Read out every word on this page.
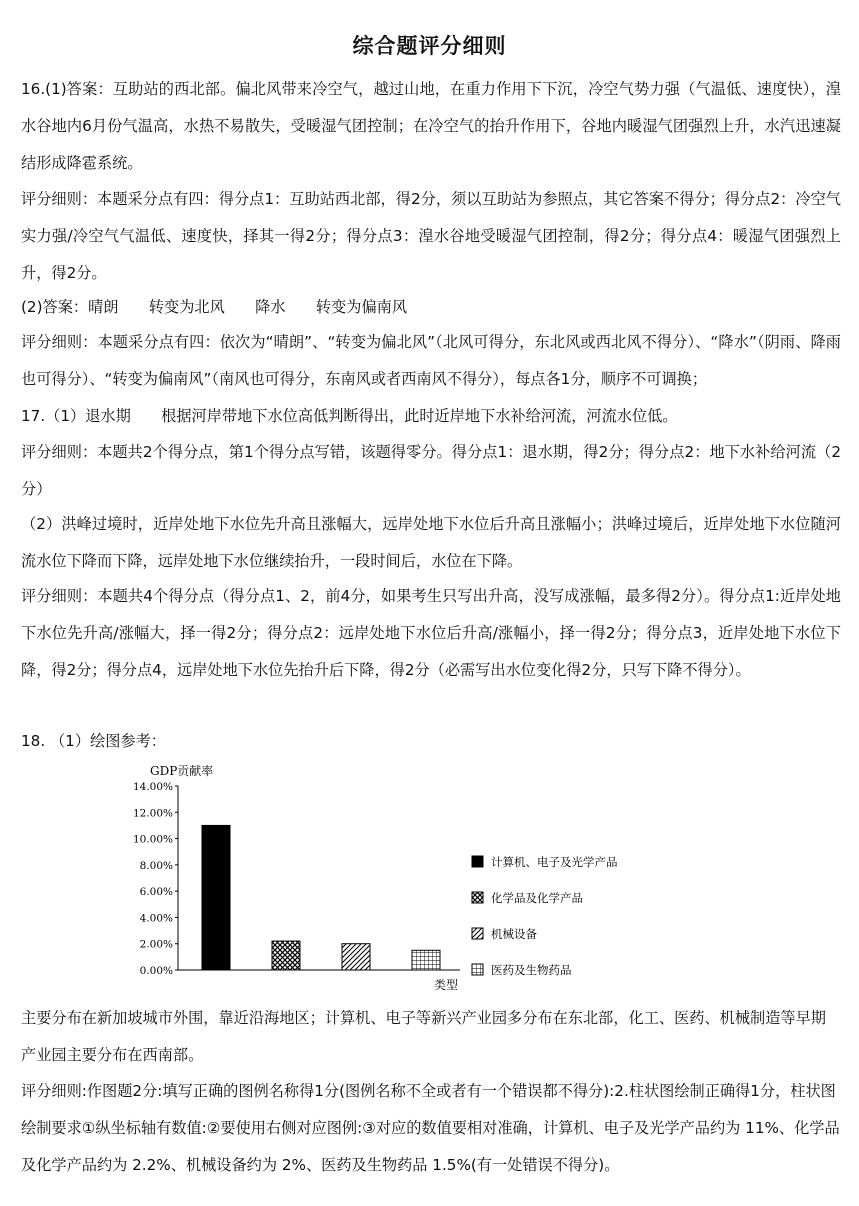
综合题评分细则

16.(1)答案：互助站的西北部。偏北风带来冷空气，越过山地，在重力作用下下沉，冷空气势力强（气温低、速度快），湟水谷地内6月份气温高，水热不易散失，受暖湿气团控制；在冷空气的抬升作用下，谷地内暖湿气团强烈上升，水汽迅速凝结形成降雹系统。

评分细则：本题采分点有四：得分点1：互助站西北部，得2分，须以互助站为参照点，其它答案不得分；得分点2：冷空气实力强/冷空气气温低、速度快，择其一得2分；得分点3：湟水谷地受暖湿气团控制，得2分；得分点4：暖湿气团强烈上升，得2分。

(2)答案：晴朗　　转变为北风　　降水　　转变为偏南风

评分细则：本题采分点有四：依次为“晴朗”、“转变为偏北风”（北风可得分，东北风或西北风不得分）、“降水”（阴雨、降雨也可得分）、“转变为偏南风”（南风也可得分，东南风或者西南风不得分），每点各1分，顺序不可调换；

17.（1）退水期　　根据河岸带地下水位高低判断得出，此时近岸地下水补给河流，河流水位低。

评分细则：本题共2个得分点，第1个得分点写错，该题得零分。得分点1：退水期，得2分；得分点2：地下水补给河流（2分）

（2）洪峰过境时，近岸处地下水位先升高且涨幅大，远岸处地下水位后升高且涨幅小；洪峰过境后，近岸处地下水位随河流水位下降而下降，远岸处地下水位继续抬升，一段时间后，水位在下降。

评分细则：本题共4个得分点（得分点1、2，前4分，如果考生只写出升高，没写成涨幅，最多得2分）。得分点1:近岸处地下水位先升高/涨幅大，择一得2分；得分点2：远岸处地下水位后升高/涨幅小，择一得2分；得分点3，近岸处地下水位下降，得2分；得分点4，远岸处地下水位先抬升后下降，得2分（必需写出水位变化得2分，只写下降不得分）。

18. （1）绘图参考：

GDP贡献率
0.00%
2.00%
4.00%
6.00%
8.00%
10.00%
12.00%
14.00%
类型
计算机、电子及光学产品
化学品及化学产品
机械设备
医药及生物药品

主要分布在新加坡城市外围，靠近沿海地区；计算机、电子等新兴产业园多分布在东北部，化工、医药、机械制造等早期产业园主要分布在西南部。

评分细则:作图题2分:填写正确的图例名称得1分(图例名称不全或者有一个错误都不得分):2.柱状图绘制正确得1分，柱状图绘制要求①纵坐标轴有数值:②要使用右侧对应图例:③对应的数值要相对准确，计算机、电子及光学产品约为 11%、化学品及化学产品约为 2.2%、机械设备约为 2%、医药及生物药品 1.5%(有一处错误不得分)。
